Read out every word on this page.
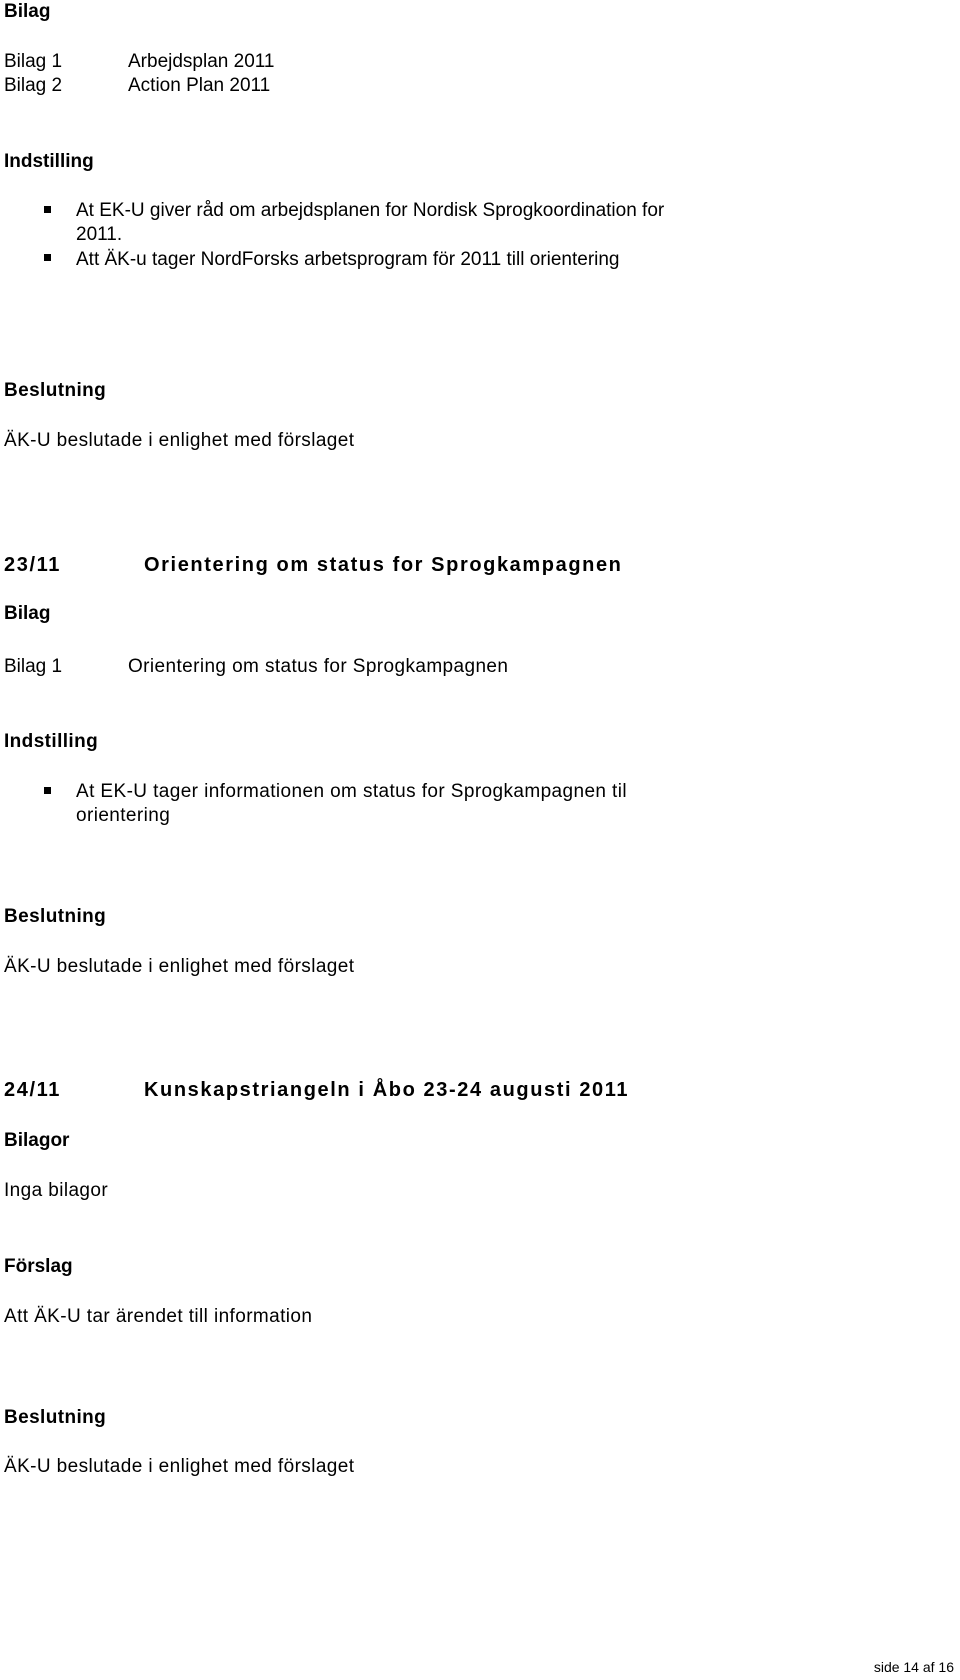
Bilag
Bilag 1	Arbejdsplan 2011
Bilag 2	Action Plan 2011
Indstilling
At EK-U giver råd om arbejdsplanen for Nordisk Sprogkoordination for
2011.
Att ÄK-u tager NordForsks arbetsprogram för 2011 till orientering
Beslutning
ÄK-U beslutade i enlighet med förslaget
23/11	Orientering om status for Sprogkampagnen
Bilag
Bilag 1	Orientering om status for Sprogkampagnen
Indstilling
At EK-U tager informationen om status for Sprogkampagnen til
orientering
Beslutning
ÄK-U beslutade i enlighet med förslaget
24/11	Kunskapstriangeln i Åbo 23-24 augusti 2011
Bilagor
Inga bilagor
Förslag
Att ÄK-U tar ärendet till information
Beslutning
ÄK-U beslutade i enlighet med förslaget
side 14 af 16
